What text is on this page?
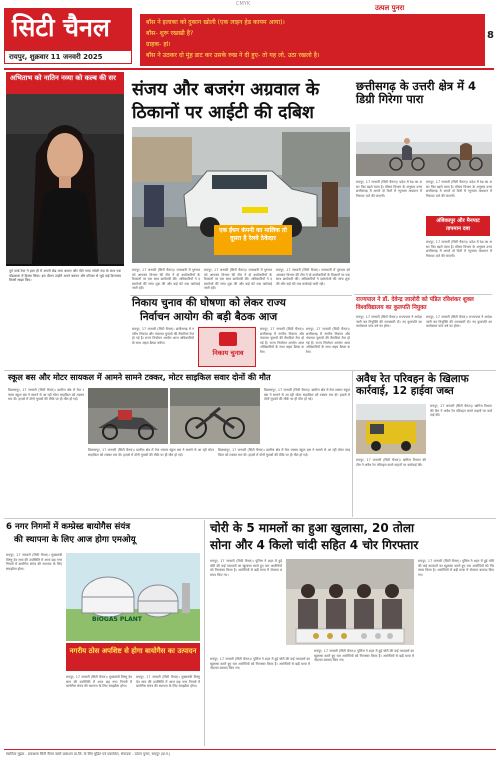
CMYK
सिटी चैनल
रायपुर, शुक्रवार 11 जनवरी 2025
बॉस ने इलाका को दुकान खोली (एक लाइन हेड कायम आया)।
बॉस- शुरू रखखी है?
ग्राहक- हां।
बॉस ने उठकर दो मुंह डाट कर उसके रुख ने दी हुए- तो यह लो, उठा रखलो है।
उत्पल पुनरा
8
अभिताभ को नातिन नव्या को कल्ब की सर
पूर्व वर्ल्ड रेपर ने हाल ही में अपनी फ्रेंड जया बच्चन और पोते नव्या नवेली नंदा के साथ एक पॉडकास्ट में हिस्सा लिया। इस दौरान उन्होंने अपने बचपन और परिवार से जुड़े कई दिलचस्प किस्से साझा किए।
संजय और बजरंग अग्रवाल के
ठिकानों पर आईटी की दबिश
एक ईंधन कंपनी का मालिक तो दूसरा है रेलवे ठेकेदार
रायपुर, 17 जनवरी (सिटी चैनल)। राजधानी में गुरुवार को आयकर विभाग की टीम ने दो कारोबारियों के ठिकानों पर एक साथ छापेमारी की। अधिकारियों ने दस्तावेजों की जांच शुरू की और कई घंटे तक कार्रवाई जारी रही।
रायपुर, 17 जनवरी (सिटी चैनल)। राजधानी में गुरुवार को आयकर विभाग की टीम ने दो कारोबारियों के ठिकानों पर एक साथ छापेमारी की। अधिकारियों ने दस्तावेजों की जांच शुरू की और कई घंटे तक कार्रवाई जारी रही।
रायपुर, 17 जनवरी (सिटी चैनल)। राजधानी में गुरुवार को आयकर विभाग की टीम ने दो कारोबारियों के ठिकानों पर एक साथ छापेमारी की। अधिकारियों ने दस्तावेजों की जांच शुरू की और कई घंटे तक कार्रवाई जारी रही।
छत्तीसगढ़ के उत्तरी क्षेत्र में 4 डिग्री गिरेगा पारा
रायपुर, 17 जनवरी (सिटी चैनल)। प्रदेश में ठंड का असर फिर बढ़ने वाला है। मौसम विभाग के अनुसार उत्तर छत्तीसगढ़ में अगले दो दिनों में न्यूनतम तापमान में गिरावट दर्ज की जाएगी।
अंबिकापुर और मैनपाट तापमान दबा
रायपुर, 17 जनवरी (सिटी चैनल)। प्रदेश में ठंड का असर फिर बढ़ने वाला है। मौसम विभाग के अनुसार उत्तर छत्तीसगढ़ में अगले दो दिनों में न्यूनतम तापमान में गिरावट दर्ज की जाएगी।
रायपुर, 17 जनवरी (सिटी चैनल)। प्रदेश में ठंड का असर फिर बढ़ने वाला है। मौसम विभाग के अनुसार उत्तर छत्तीसगढ़ में अगले दो दिनों में न्यूनतम तापमान में गिरावट दर्ज की जाएगी।
राज्यपाल ने डॉ. देवेन्द्र जालोरी को पंडित रविशंकर शुक्ल विश्वविद्यालय का कुलपति नियुक्त
रायपुर, 17 जनवरी (सिटी चैनल)। राज्यपाल ने आदेश जारी कर नियुक्ति की जानकारी दी। नए कुलपति का कार्यकाल पांच वर्ष का होगा।
रायपुर, 17 जनवरी (सिटी चैनल)। राज्यपाल ने आदेश जारी कर नियुक्ति की जानकारी दी। नए कुलपति का कार्यकाल पांच वर्ष का होगा।
निकाय चुनाव की घोषणा को लेकर राज्य
निर्वाचन आयोग की बड़ी बैठक आज
रायपुर, 17 जनवरी (सिटी चैनल)। छत्तीसगढ़ में नगरीय निकाय और पंचायत चुनावों की तैयारियां तेज हो गई हैं। राज्य निर्वाचन आयोग आज अधिकारियों के साथ अहम बैठक करेगा।
निकाय चुनाव
रायपुर, 17 जनवरी (सिटी चैनल)। छत्तीसगढ़ में नगरीय निकाय और पंचायत चुनावों की तैयारियां तेज हो गई हैं। राज्य निर्वाचन आयोग आज अधिकारियों के साथ अहम बैठक करेगा।
रायपुर, 17 जनवरी (सिटी चैनल)। छत्तीसगढ़ में नगरीय निकाय और पंचायत चुनावों की तैयारियां तेज हो गई हैं। राज्य निर्वाचन आयोग आज अधिकारियों के साथ अहम बैठक करेगा।
स्कूल बस और मोटर सायकल में आमने सामने टक्कर, मोटर साइकिल सवार दोनों की मौत
बिलासपुर, 17 जनवरी (सिटी चैनल)। ग्रामीण क्षेत्र में तेज रफ्तार स्कूल बस ने सामने से आ रही मोटर साइकिल को टक्कर मार दी। हादसे में दोनों युवकों की मौके पर ही मौत हो गई।
बिलासपुर, 17 जनवरी (सिटी चैनल)। ग्रामीण क्षेत्र में तेज रफ्तार स्कूल बस ने सामने से आ रही मोटर साइकिल को टक्कर मार दी। हादसे में दोनों युवकों की मौके पर ही मौत हो गई।
बिलासपुर, 17 जनवरी (सिटी चैनल)। ग्रामीण क्षेत्र में तेज रफ्तार स्कूल बस ने सामने से आ रही मोटर साइकिल को टक्कर मार दी। हादसे में दोनों युवकों की मौके पर ही मौत हो गई।
बिलासपुर, 17 जनवरी (सिटी चैनल)। ग्रामीण क्षेत्र में तेज रफ्तार स्कूल बस ने सामने से आ रही मोटर साइकिल को टक्कर मार दी। हादसे में दोनों युवकों की मौके पर ही मौत हो गई।
अवैध रेत परिवहन के खिलाफ कार्रवाई, 12 हाईवा जब्त
रायपुर, 17 जनवरी (सिटी चैनल)। खनिज विभाग की टीम ने अवैध रेत परिवहन करते वाहनों पर कार्रवाई की।
रायपुर, 17 जनवरी (सिटी चैनल)। खनिज विभाग की टीम ने अवैध रेत परिवहन करते वाहनों पर कार्रवाई की।
6 नगर निगमों में कम्प्रेस्ड बायोगैस संयंत्र
की स्थापना के लिए आज होगा एमओयू
रायपुर, 17 जनवरी (सिटी चैनल)। मुख्यमंत्री विष्णु देव साय की उपस्थिति में आज छह नगर निगमों में बायोगैस संयंत्र की स्थापना के लिए समझौता होगा।
BIOGAS PLANT
नगरीय ठोस अपशिष्ट से होगा बायोगैस का उत्पादन
रायपुर, 17 जनवरी (सिटी चैनल)। मुख्यमंत्री विष्णु देव साय की उपस्थिति में आज छह नगर निगमों में बायोगैस संयंत्र की स्थापना के लिए समझौता होगा।
रायपुर, 17 जनवरी (सिटी चैनल)। मुख्यमंत्री विष्णु देव साय की उपस्थिति में आज छह नगर निगमों में बायोगैस संयंत्र की स्थापना के लिए समझौता होगा।
चोरी के 5 मामलों का हुआ खुलासा, 20 तोला
सोना और 4 किलो चांदी सहित 4 चोर गिरफ्तार
रायपुर, 17 जनवरी (सिटी चैनल)। पुलिस ने शहर में हुई चोरी की कई वारदातों का खुलासा करते हुए चार आरोपियों को गिरफ्तार किया है। आरोपियों से बड़ी मात्रा में जेवरात बरामद किए गए।
रायपुर, 17 जनवरी (सिटी चैनल)। पुलिस ने शहर में हुई चोरी की कई वारदातों का खुलासा करते हुए चार आरोपियों को गिरफ्तार किया है। आरोपियों से बड़ी मात्रा में जेवरात बरामद किए गए।
रायपुर, 17 जनवरी (सिटी चैनल)। पुलिस ने शहर में हुई चोरी की कई वारदातों का खुलासा करते हुए चार आरोपियों को गिरफ्तार किया है। आरोपियों से बड़ी मात्रा में जेवरात बरामद किए गए।
रायपुर, 17 जनवरी (सिटी चैनल)। पुलिस ने शहर में हुई चोरी की कई वारदातों का खुलासा करते हुए चार आरोपियों को गिरफ्तार किया है। आरोपियों से बड़ी मात्रा में जेवरात बरामद किए गए।
स्वामित्व मुद्रक - प्रकाशक सिटी चैनल वास्ते प्रकाशन प्रा.लि. के लिए मुद्रित एवं प्रकाशित, संपादक - उत्पल पुनरा, रायपुर (छ.ग.)
